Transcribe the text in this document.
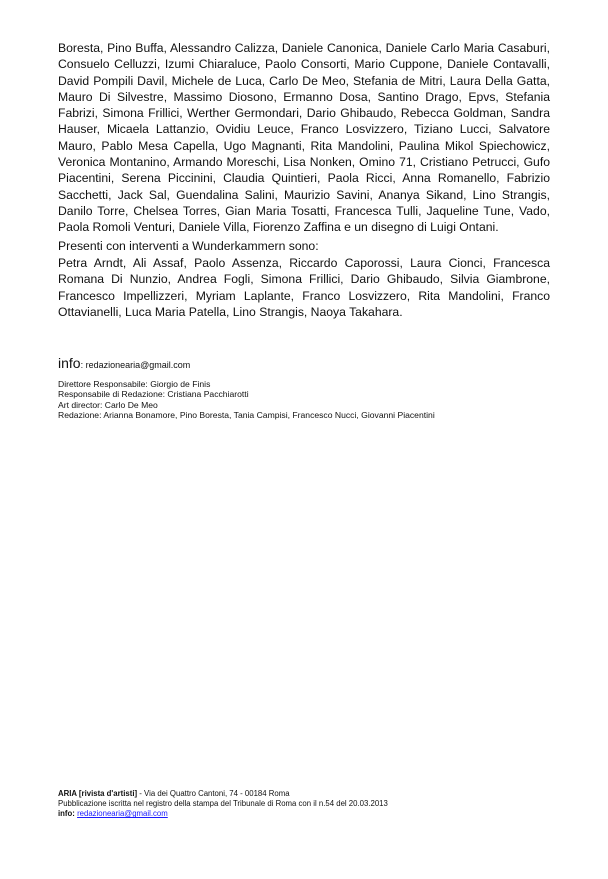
Boresta, Pino Buffa, Alessandro Calizza, Daniele Canonica, Daniele Carlo Maria Casaburi, Consuelo Celluzzi, Izumi Chiaraluce, Paolo Consorti, Mario Cuppone, Daniele Contavalli, David Pompili Davil, Michele de Luca, Carlo De Meo, Stefania de Mitri, Laura Della Gatta, Mauro Di Silvestre, Massimo Diosono, Ermanno Dosa, Santino Drago, Epvs, Stefania Fabrizi, Simona Frillici, Werther Germondari, Dario Ghibaudo, Rebecca Goldman, Sandra Hauser, Micaela Lattanzio, Ovidiu Leuce, Franco Losvizzero, Tiziano Lucci, Salvatore Mauro, Pablo Mesa Capella, Ugo Magnanti, Rita Mandolini, Paulina Mikol Spiechowicz, Veronica Montanino, Armando Moreschi, Lisa Nonken, Omino 71, Cristiano Petrucci, Gufo Piacentini, Serena Piccinini, Claudia Quintieri, Paola Ricci, Anna Romanello, Fabrizio Sacchetti, Jack Sal, Guendalina Salini, Maurizio Savini, Ananya Sikand, Lino Strangis, Danilo Torre, Chelsea Torres, Gian Maria Tosatti, Francesca Tulli, Jaqueline Tune, Vado, Paola Romoli Venturi, Daniele Villa, Fiorenzo Zaffina e un disegno di Luigi Ontani.

Presenti con interventi a Wunderkammern sono:

Petra Arndt, Ali Assaf, Paolo Assenza, Riccardo Caporossi, Laura Cionci, Francesca Romana Di Nunzio, Andrea Fogli, Simona Frillici, Dario Ghibaudo, Silvia Giambrone, Francesco Impellizzeri, Myriam Laplante, Franco Losvizzero, Rita Mandolini, Franco Ottavianelli, Luca Maria Patella, Lino Strangis, Naoya Takahara.

info: redazionearia@gmail.com

Direttore Responsabile: Giorgio de Finis
Responsabile di Redazione: Cristiana Pacchiarotti
Art director: Carlo De Meo
Redazione: Arianna Bonamore, Pino Boresta, Tania Campisi, Francesco Nucci, Giovanni Piacentini
ARIA [rivista d'artisti] - Via dei Quattro Cantoni, 74 - 00184 Roma
Pubblicazione iscritta nel registro della stampa del Tribunale di Roma con il n.54 del 20.03.2013
info: redazionearia@gmail.com
